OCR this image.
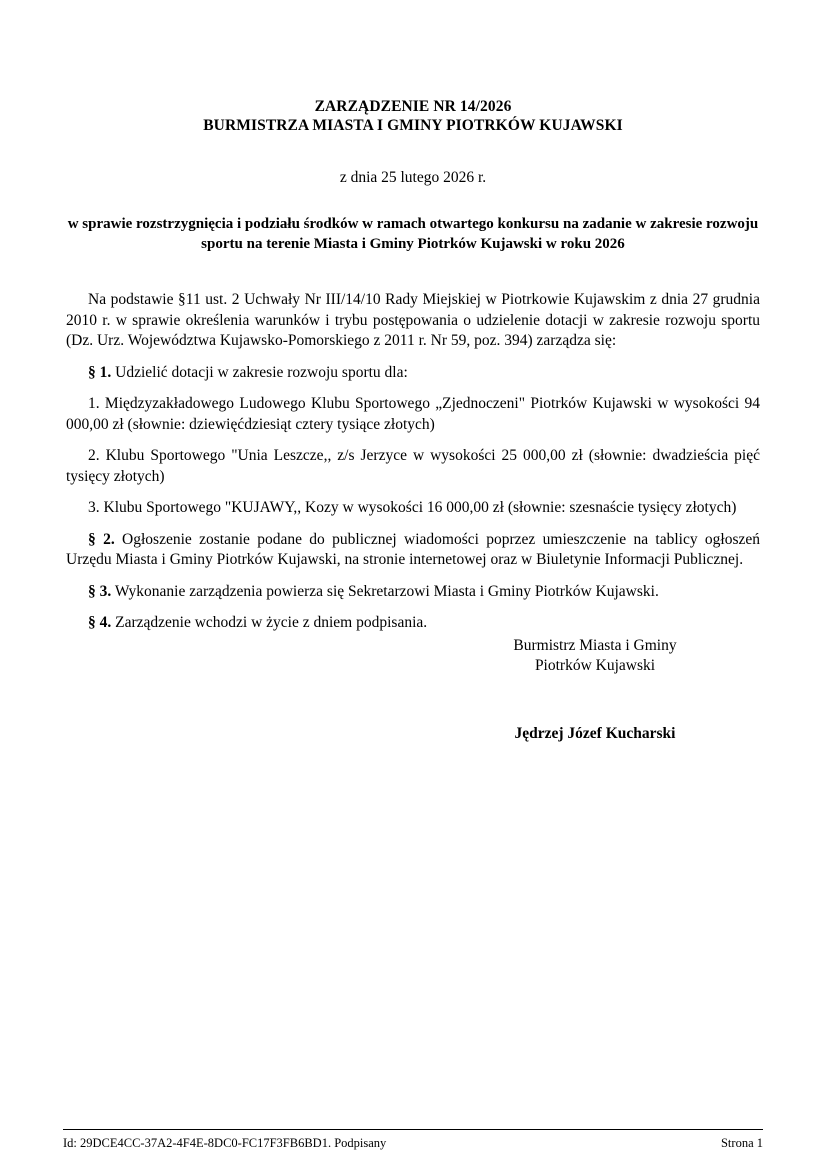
ZARZĄDZENIE NR 14/2026
BURMISTRZA MIASTA I GMINY PIOTRKÓW KUJAWSKI

z dnia 25 lutego 2026 r.

w sprawie rozstrzygnięcia i podziału środków w ramach otwartego konkursu na zadanie w zakresie rozwoju sportu na terenie Miasta i Gminy Piotrków Kujawski w roku 2026

Na podstawie §11 ust. 2 Uchwały Nr III/14/10 Rady Miejskiej w Piotrkowie Kujawskim z dnia 27 grudnia 2010 r. w sprawie określenia warunków i trybu postępowania o udzielenie dotacji w zakresie rozwoju sportu (Dz. Urz. Województwa Kujawsko-Pomorskiego z 2011 r. Nr 59, poz. 394) zarządza się:

§ 1. Udzielić dotacji w zakresie rozwoju sportu dla:

1. Międzyzakładowego Ludowego Klubu Sportowego „Zjednoczeni" Piotrków Kujawski w wysokości 94 000,00 zł (słownie: dziewięćdziesiąt cztery tysiące złotych)

2. Klubu Sportowego "Unia Leszcze,, z/s Jerzyce w wysokości 25 000,00 zł (słownie: dwadzieścia pięć tysięcy złotych)

3. Klubu Sportowego "KUJAWY,, Kozy w wysokości 16 000,00 zł (słownie: szesnaście tysięcy złotych)

§ 2. Ogłoszenie zostanie podane do publicznej wiadomości poprzez umieszczenie na tablicy ogłoszeń Urzędu Miasta i Gminy Piotrków Kujawski, na stronie internetowej oraz w Biuletynie Informacji Publicznej.

§ 3. Wykonanie zarządzenia powierza się Sekretarzowi Miasta i Gminy Piotrków Kujawski.

§ 4. Zarządzenie wchodzi w życie z dniem podpisania.

Burmistrz Miasta i Gminy
Piotrków Kujawski
Jędrzej Józef Kucharski
Id: 29DCE4CC-37A2-4F4E-8DC0-FC17F3FB6BD1. Podpisany	Strona 1
